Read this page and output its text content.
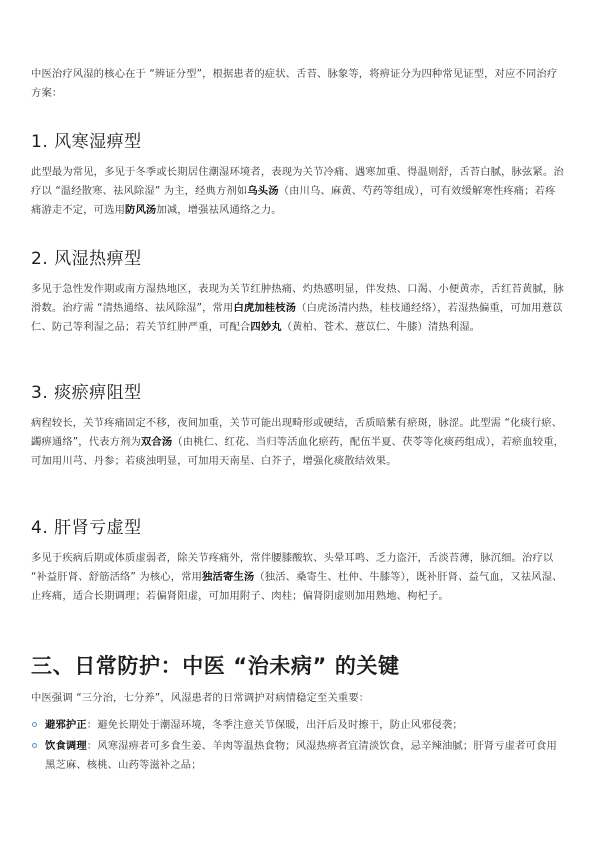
中医治疗风湿的核心在于 “辨证分型”，根据患者的症状、舌苔、脉象等，将痹证分为四种常见证型，对应不同治疗方案：

1. 风寒湿痹型

此型最为常见，多见于冬季或长期居住潮湿环境者，表现为关节冷痛、遇寒加重、得温则舒，舌苔白腻，脉弦紧。治疗以 “温经散寒、祛风除湿” 为主，经典方剂如乌头汤（由川乌、麻黄、芍药等组成），可有效缓解寒性疼痛；若疼痛游走不定，可选用防风汤加减，增强祛风通络之力。

2. 风湿热痹型

多见于急性发作期或南方湿热地区，表现为关节红肿热痛、灼热感明显，伴发热、口渴、小便黄赤，舌红苔黄腻，脉滑数。治疗需 “清热通络、祛风除湿”，常用白虎加桂枝汤（白虎汤清内热，桂枝通经络），若湿热偏重，可加用薏苡仁、防己等利湿之品；若关节红肿严重，可配合四妙丸（黄柏、苍术、薏苡仁、牛膝）清热利湿。

3. 痰瘀痹阻型

病程较长，关节疼痛固定不移，夜间加重，关节可能出现畸形或硬结，舌质暗紫有瘀斑，脉涩。此型需 “化痰行瘀、蠲痹通络”，代表方剂为双合汤（由桃仁、红花、当归等活血化瘀药，配伍半夏、茯苓等化痰药组成），若瘀血较重，可加用川芎、丹参；若痰浊明显，可加用天南星、白芥子，增强化痰散结效果。

4. 肝肾亏虚型

多见于疾病后期或体质虚弱者，除关节疼痛外，常伴腰膝酸软、头晕耳鸣、乏力盗汗，舌淡苔薄，脉沉细。治疗以 “补益肝肾、舒筋活络” 为核心，常用独活寄生汤（独活、桑寄生、杜仲、牛膝等），既补肝肾、益气血，又祛风湿、止疼痛，适合长期调理；若偏肾阳虚，可加用附子、肉桂；偏肾阴虚则加用熟地、枸杞子。

三、日常防护：中医 “治未病” 的关键

中医强调 “三分治，七分养”，风湿患者的日常调护对病情稳定至关重要：

避邪护正：避免长期处于潮湿环境，冬季注意关节保暖，出汗后及时擦干，防止风邪侵袭；
饮食调理：风寒湿痹者可多食生姜、羊肉等温热食物；风湿热痹者宜清淡饮食，忌辛辣油腻；肝肾亏虚者可食用黑芝麻、核桃、山药等滋补之品；
